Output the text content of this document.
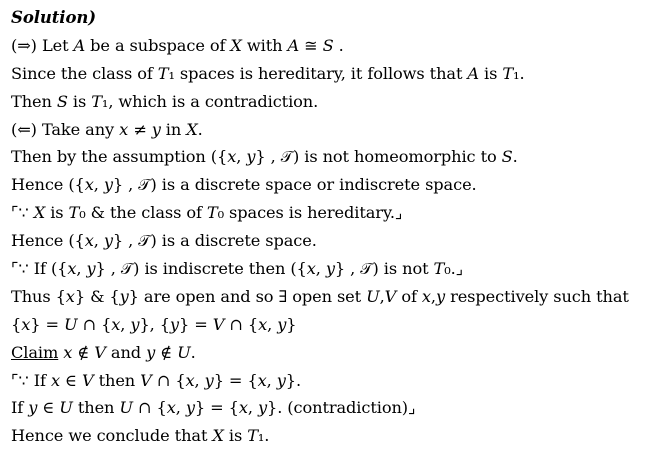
Solution)
(⇒) Let 𝐴 be a subspace of 𝑋 with 𝐴 ≅ 𝑆 .
Since the class of 𝑇₁ spaces is hereditary, it follows that 𝐴 is 𝑇₁.
Then 𝑆 is 𝑇₁, which is a contradiction.
(⇐) Take any 𝑥 ≠ 𝑦 in 𝑋.
Then by the assumption ({𝑥, 𝑦} , 𝒯) is not homeomorphic to 𝑆.
Hence ({𝑥, 𝑦} , 𝒯) is a discrete space or indiscrete space.
⌜∵ 𝑋 is 𝑇₀ & the class of 𝑇₀ spaces is hereditary.⌟
Hence ({𝑥, 𝑦} , 𝒯) is a discrete space.
⌜∵ If ({𝑥, 𝑦} , 𝒯) is indiscrete then ({𝑥, 𝑦} , 𝒯) is not 𝑇₀.⌟
Thus {𝑥} & {𝑦} are open and so ∃ open set 𝑈,𝑉 of 𝑥,𝑦 respectively such that
{𝑥} = 𝑈 ∩ {𝑥, 𝑦}, {𝑦} = 𝑉 ∩ {𝑥, 𝑦}
Claim 𝑥 ∉ 𝑉 and 𝑦 ∉ 𝑈.
⌜∵ If 𝑥 ∈ 𝑉 then 𝑉 ∩ {𝑥, 𝑦} = {𝑥, 𝑦}.
If 𝑦 ∈ 𝑈 then 𝑈 ∩ {𝑥, 𝑦} = {𝑥, 𝑦}. (contradiction)⌟
Hence we conclude that 𝑋 is 𝑇₁.
